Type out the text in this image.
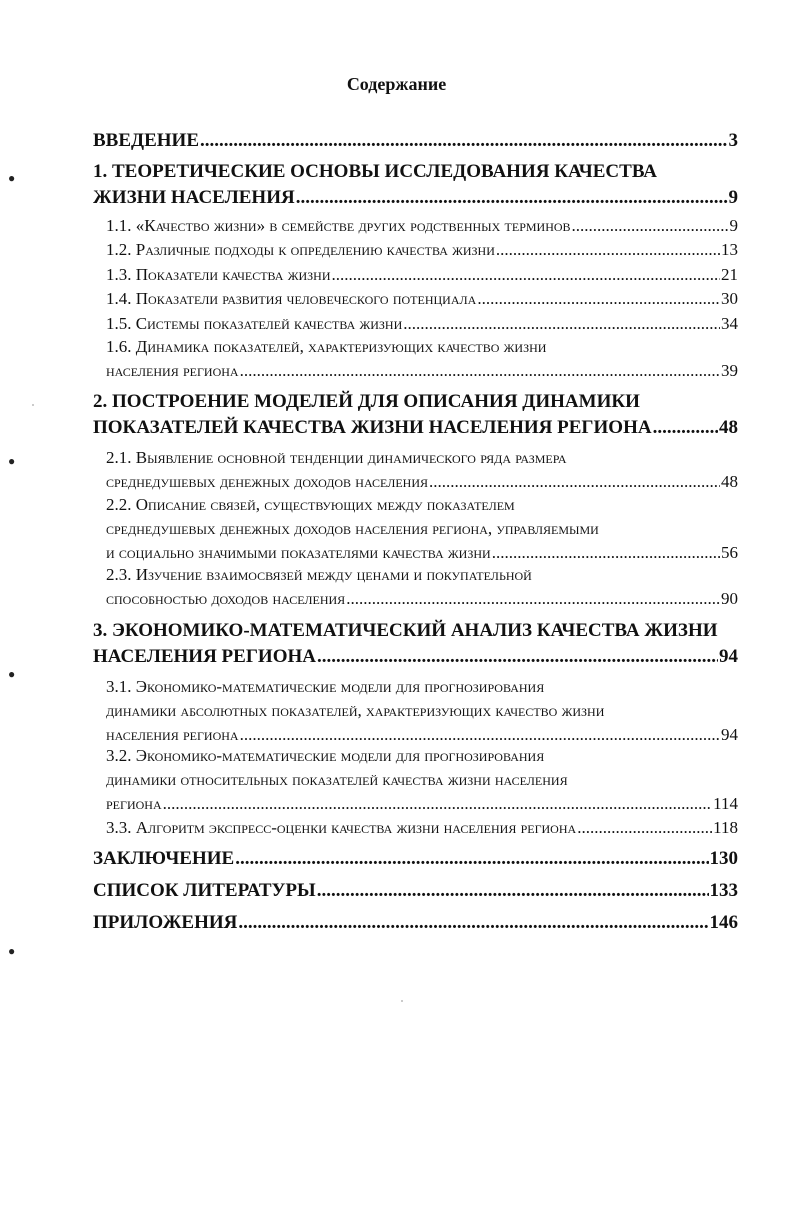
Содержание
ВВЕДЕНИЕ .....	3
1. ТЕОРЕТИЧЕСКИЕ ОСНОВЫ ИССЛЕДОВАНИЯ КАЧЕСТВА
ЖИЗНИ НАСЕЛЕНИЯ .....	9
1.1. «Качество жизни» в семействе других родственных терминов .....	9
1.2. Различные подходы к определению качества жизни .....	13
1.3. Показатели качества жизни .....	21
1.4. Показатели развития человеческого потенциала .....	30
1.5. Системы показателей качества жизни .....	34
1.6. Динамика показателей, характеризующих качество жизни
населения региона .....	39
2. ПОСТРОЕНИЕ МОДЕЛЕЙ ДЛЯ ОПИСАНИЯ ДИНАМИКИ
ПОКАЗАТЕЛЕЙ КАЧЕСТВА ЖИЗНИ НАСЕЛЕНИЯ РЕГИОНА .....	48
2.1. Выявление основной тенденции динамического ряда размера
среднедушевых денежных доходов населения .....	48
2.2. Описание связей, существующих между показателем
среднедушевых денежных доходов населения региона, управляемыми
и социально значимыми показателями качества жизни .....	56
2.3. Изучение взаимосвязей между ценами и покупательной
способностью доходов населения .....	90
3. ЭКОНОМИКО-МАТЕМАТИЧЕСКИЙ АНАЛИЗ КАЧЕСТВА ЖИЗНИ
НАСЕЛЕНИЯ РЕГИОНА .....	94
3.1. Экономико-математические модели для прогнозирования
динамики абсолютных показателей, характеризующих качество жизни
населения региона .....	94
3.2. Экономико-математические модели для прогнозирования
динамики относительных показателей качества жизни населения
региона .....	114
3.3. Алгоритм экспресс-оценки качества жизни населения региона .....	118
ЗАКЛЮЧЕНИЕ .....	130
СПИСОК ЛИТЕРАТУРЫ .....	133
ПРИЛОЖЕНИЯ .....	146
●
●
●
●
